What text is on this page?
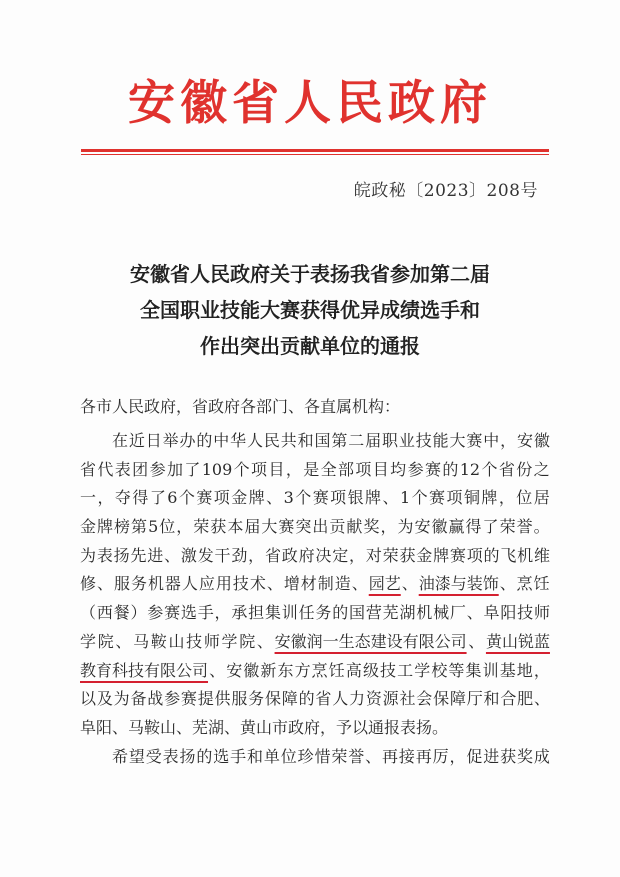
安徽省人民政府
皖政秘〔2023〕208号
安徽省人民政府关于表扬我省参加第二届
全国职业技能大赛获得优异成绩选手和
作出突出贡献单位的通报
各市人民政府，省政府各部门、各直属机构：
在 近 日 举 办 的 中 华 人 民 共 和 国 第 二 届 职 业 技 能 大 赛 中 ， 安 徽
省 代 表 团 参 加 了 109 个 项 目 ， 是 全 部 项 目 均 参 赛 的 12 个 省 份 之
一 ， 夺 得 了 6 个 赛 项 金 牌 、 3 个 赛 项 银 牌 、 1 个 赛 项 铜 牌 ， 位 居
金 牌 榜 第 5 位 ， 荣 获 本 届 大 赛 突 出 贡 献 奖 ， 为 安 徽 赢 得 了 荣 誉 。
为 表 扬 先 进 、 激 发 干 劲 ， 省 政 府 决 定 ， 对 荣 获 金 牌 赛 项 的 飞 机 维
修 、 服 务 机 器 人 应 用 技 术 、 增 材 制 造 、 园艺 、 油漆与装饰 、 烹 饪
（ 西 餐 ） 参 赛 选 手 ， 承 担 集 训 任 务 的 国 营 芜 湖 机 械 厂 、 阜 阳 技 师
学 院 、 马 鞍 山 技 师 学 院 、 安徽润一生态建设有限公司 、 黄山锐蓝
教育科技有限公司 、 安 徽 新 东 方 烹 饪 高 级 技 工 学 校 等 集 训 基 地 ，
以 及 为 备 战 参 赛 提 供 服 务 保 障 的 省 人 力 资 源 社 会 保 障 厅 和 合 肥 、
阜阳、马鞍山、芜湖、黄山市政府，予以通报表扬。
希 望 受 表 扬 的 选 手 和 单 位 珍 惜 荣 誉 、 再 接 再 厉 ， 促 进 获 奖 成
